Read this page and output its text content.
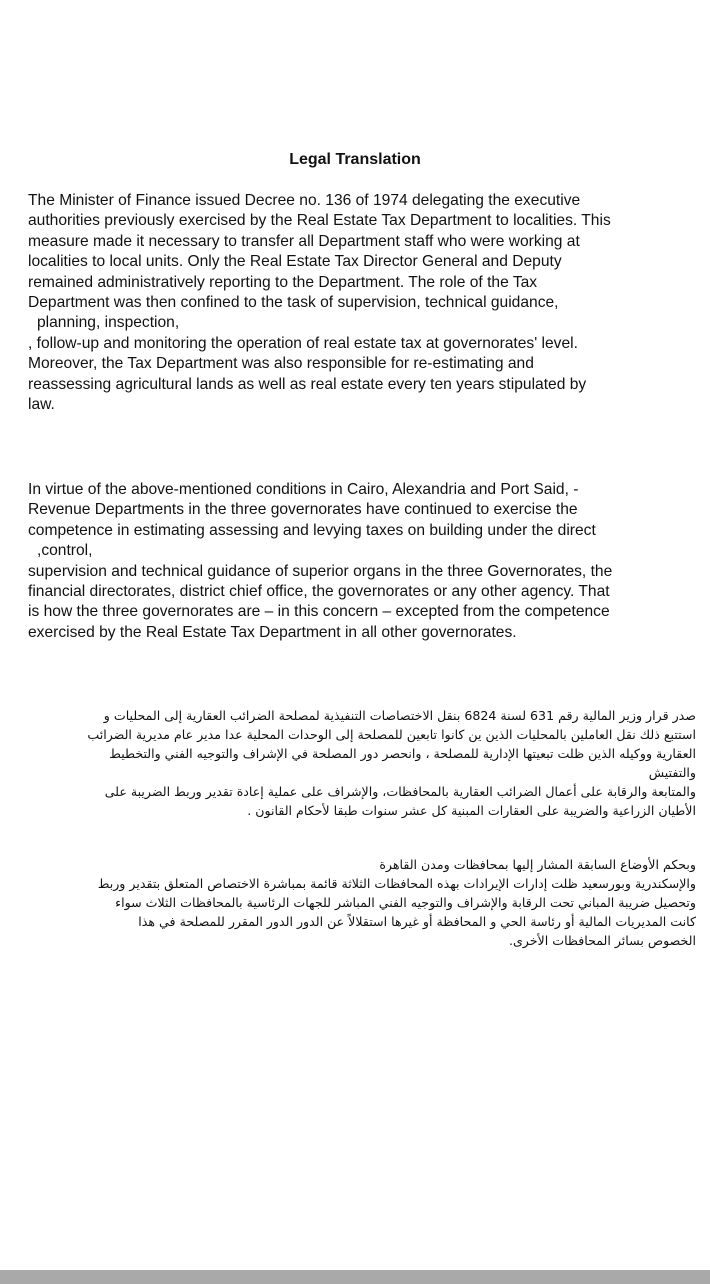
Legal Translation

The Minister of Finance issued Decree no. 136 of 1974 delegating the executive
authorities previously exercised by the Real Estate Tax Department to localities. This
measure made it necessary to transfer all Department staff who were working at
localities to local units. Only the Real Estate Tax Director General and Deputy
remained administratively reporting to the Department. The role of the Tax
Department was then confined to the task of supervision, technical guidance,
planning, inspection,
, follow-up and monitoring the operation of real estate tax at governorates' level.
Moreover, the Tax Department was also responsible for re-estimating and
reassessing agricultural lands as well as real estate every ten years stipulated by
law.

In virtue of the above-mentioned conditions in Cairo, Alexandria and Port Said, -
Revenue Departments in the three governorates have continued to exercise the
competence in estimating assessing and levying taxes on building under the direct
,control,
supervision and technical guidance of superior organs in the three Governorates, the
financial directorates, district chief office, the governorates or any other agency. That
is how the three governorates are – in this concern – excepted from the competence
exercised by the Real Estate Tax Department in all other governorates.

صدر قرار وزير المالية رقم 631 لسنة 6824 بنقل الاختصاصات التنفيذية لمصلحة الضرائب العقارية إلى المحليات و
استتبع ذلك نقل العاملين بالمحليات الذين ين كانوا تابعين للمصلحة إلى الوحدات المحلية عدا مدير عام مديرية الضرائب
العقارية ووكيله الذين ظلت تبعيتها الإدارية للمصلحة ، وانحصر دور المصلحة في الإشراف والتوجيه الفني والتخطيط
والتفتيش
والمتابعة والرقابة على أعمال الضرائب العقارية بالمحافظات، والإشراف على عملية إعادة تقدير وربط الضريبة على
الأطيان الزراعية والضريبة على العقارات المبنية كل عشر سنوات طبقا لأحكام القانون .

وبحكم الأوضاع السابقة المشار إليها بمحافظات ومدن القاهرة
والإسكندرية وبورسعيد ظلت إدارات الإيرادات بهذه المحافظات الثلاثة قائمة بمباشرة الاختصاص المتعلق بتقدير وربط
وتحصيل ضريبة المباني تحت الرقابة والإشراف والتوجيه الفني المباشر للجهات الرئاسية بالمحافظات الثلاث سواء
كانت المديريات المالية أو رئاسة الحي و المحافظة أو غيرها استقلالاً عن الدور الدور المقرر للمصلحة في هذا
الخصوص بسائر المحافظات الأخرى.
